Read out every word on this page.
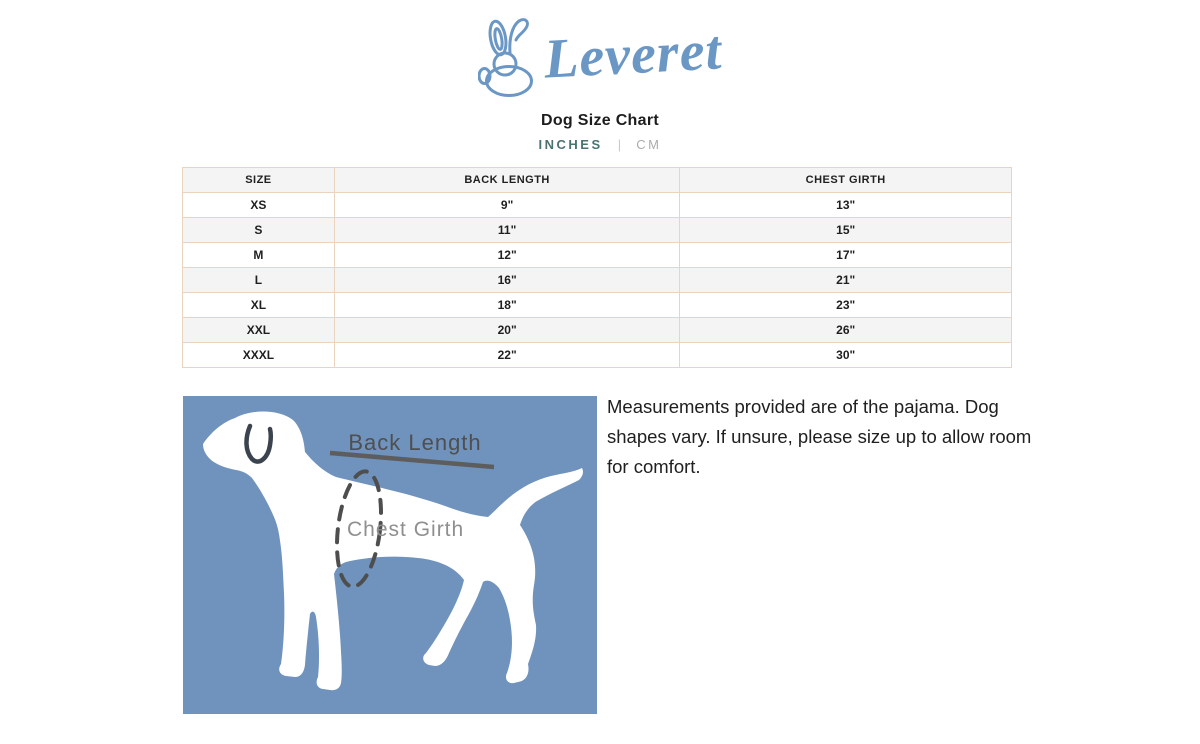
Leveret
Dog Size Chart
INCHES | CM
SIZE	BACK LENGTH	CHEST GIRTH
XS	9"	13"
S	11"	15"
M	12"	17"
L	16"	21"
XL	18"	23"
XXL	20"	26"
XXXL	22"	30"
Back Length
Chest Girth
Measurements provided are of the pajama. Dog
shapes vary. If unsure, please size up to allow room
for comfort.
